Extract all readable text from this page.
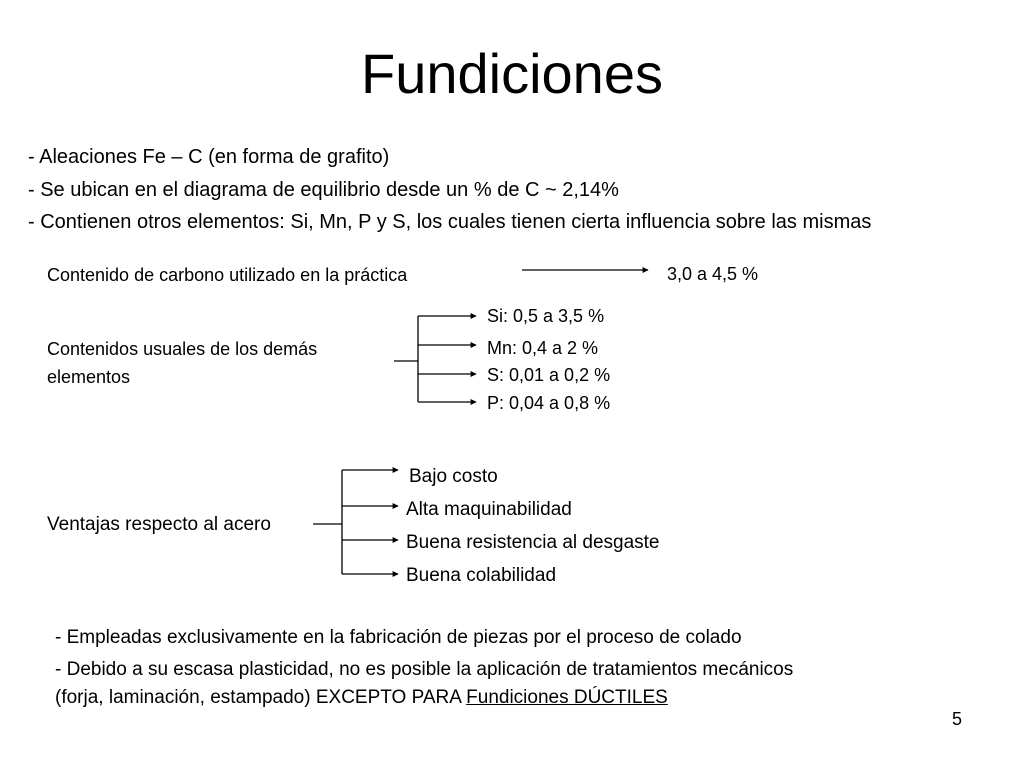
Fundiciones
- Aleaciones Fe – C (en forma de grafito)
- Se ubican en el diagrama de equilibrio desde un % de C ~ 2,14%
- Contienen otros elementos: Si, Mn, P y S, los cuales tienen cierta influencia sobre las mismas
Contenido de carbono utilizado en la práctica	3,0 a 4,5 %
Contenidos usuales de los demás
elementos
Si: 0,5 a 3,5 %
Mn: 0,4 a 2 %
S: 0,01 a 0,2 %
P: 0,04 a 0,8 %
Ventajas respecto al acero
Bajo costo
Alta maquinabilidad
Buena resistencia al desgaste
Buena colabilidad
- Empleadas exclusivamente en la fabricación de piezas por el proceso de colado
- Debido a su escasa plasticidad, no es posible la aplicación de tratamientos mecánicos
(forja, laminación, estampado) EXCEPTO PARA Fundiciones DÚCTILES
5
